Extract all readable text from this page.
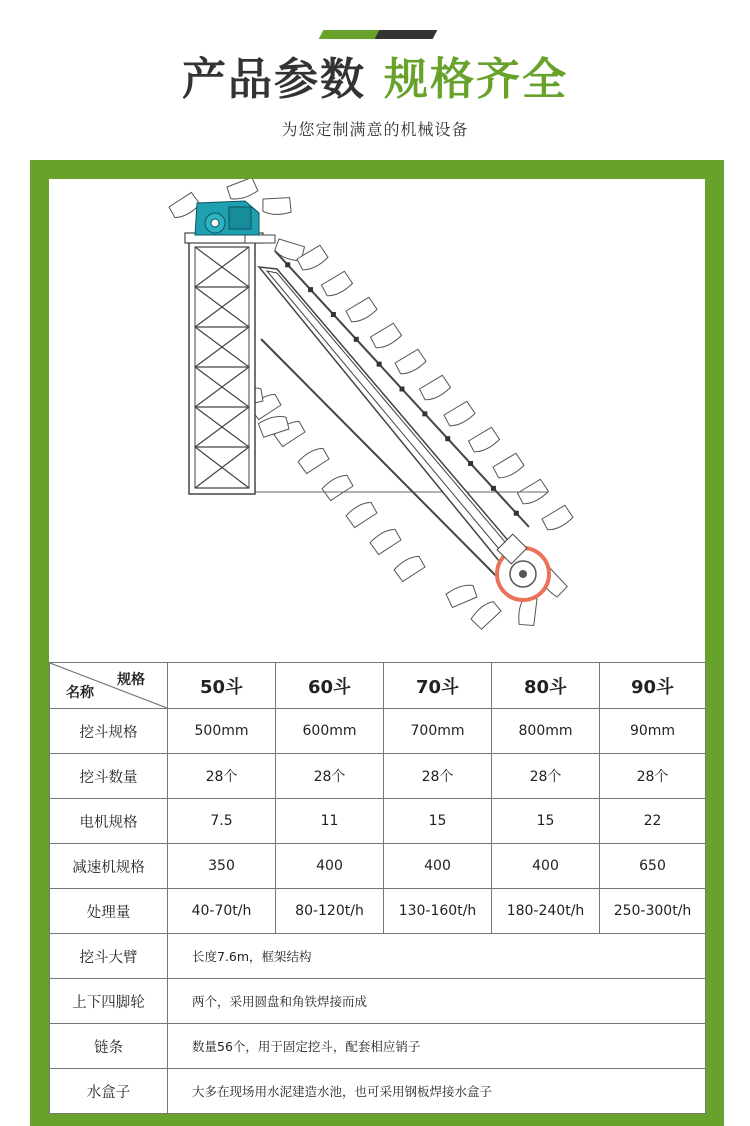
产品参数 规格齐全
为您定制满意的机械设备
规格
名称	50斗	60斗	70斗	80斗	90斗
挖斗规格	500mm	600mm	700mm	800mm	90mm
挖斗数量	28个	28个	28个	28个	28个
电机规格	7.5	11	15	15	22
减速机规格	350	400	400	400	650
处理量	40-70t/h	80-120t/h	130-160t/h	180-240t/h	250-300t/h
挖斗大臂	长度7.6m，框架结构				
上下四脚轮	两个，采用圆盘和角铁焊接而成				
链条	数量56个，用于固定挖斗，配套相应销子				
水盒子	大多在现场用水泥建造水池，也可采用钢板焊接水盒子				
